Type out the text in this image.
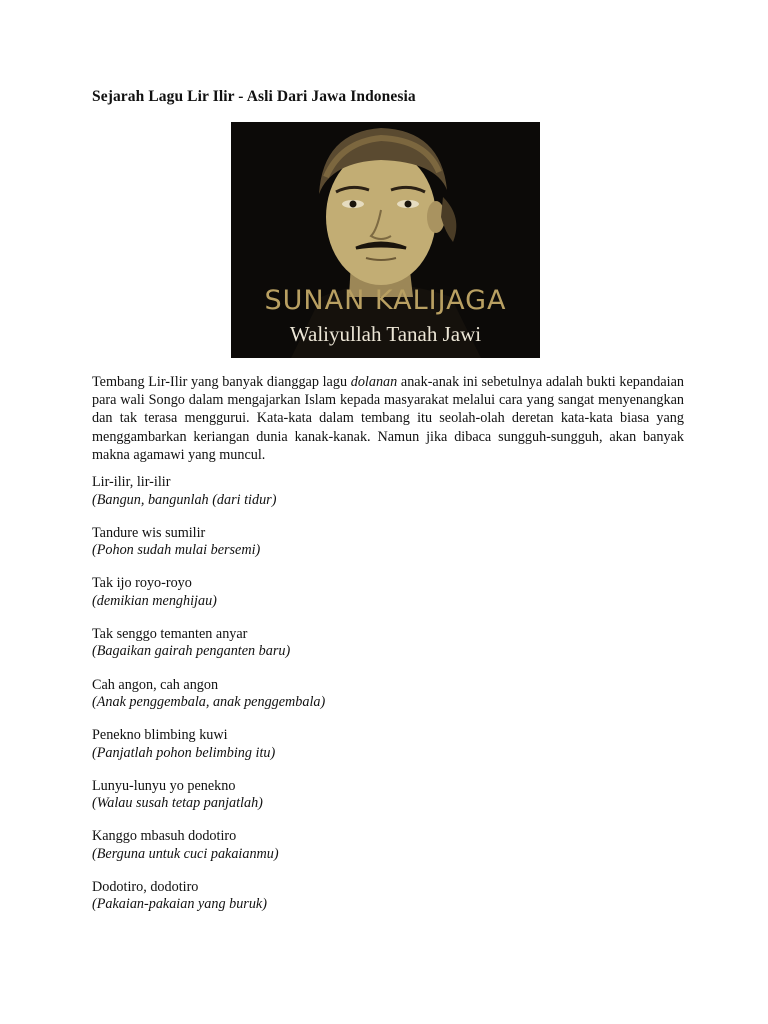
Sejarah Lagu Lir Ilir - Asli Dari Jawa Indonesia
SUNAN KALIJAGA
Waliyullah Tanah Jawi

Tembang Lir-Ilir yang banyak dianggap lagu dolanan anak-anak ini sebetulnya adalah bukti kepandaian para wali Songo dalam mengajarkan Islam kepada masyarakat melalui cara yang sangat menyenangkan dan tak terasa menggurui. Kata-kata dalam tembang itu seolah-olah deretan kata-kata biasa yang menggambarkan keriangan dunia kanak-kanak. Namun jika dibaca sungguh-sungguh, akan banyak makna agamawi yang muncul.

Lir-ilir, lir-ilir
(Bangun, bangunlah (dari tidur)
Tandure wis sumilir
(Pohon sudah mulai bersemi)
Tak ijo royo-royo
(demikian menghijau)
Tak senggo temanten anyar
(Bagaikan gairah penganten baru)
Cah angon, cah angon
(Anak penggembala, anak penggembala)
Penekno blimbing kuwi
(Panjatlah pohon belimbing itu)
Lunyu-lunyu yo penekno
(Walau susah tetap panjatlah)
Kanggo mbasuh dodotiro
(Berguna untuk cuci pakaianmu)
Dodotiro, dodotiro
(Pakaian-pakaian yang buruk)
